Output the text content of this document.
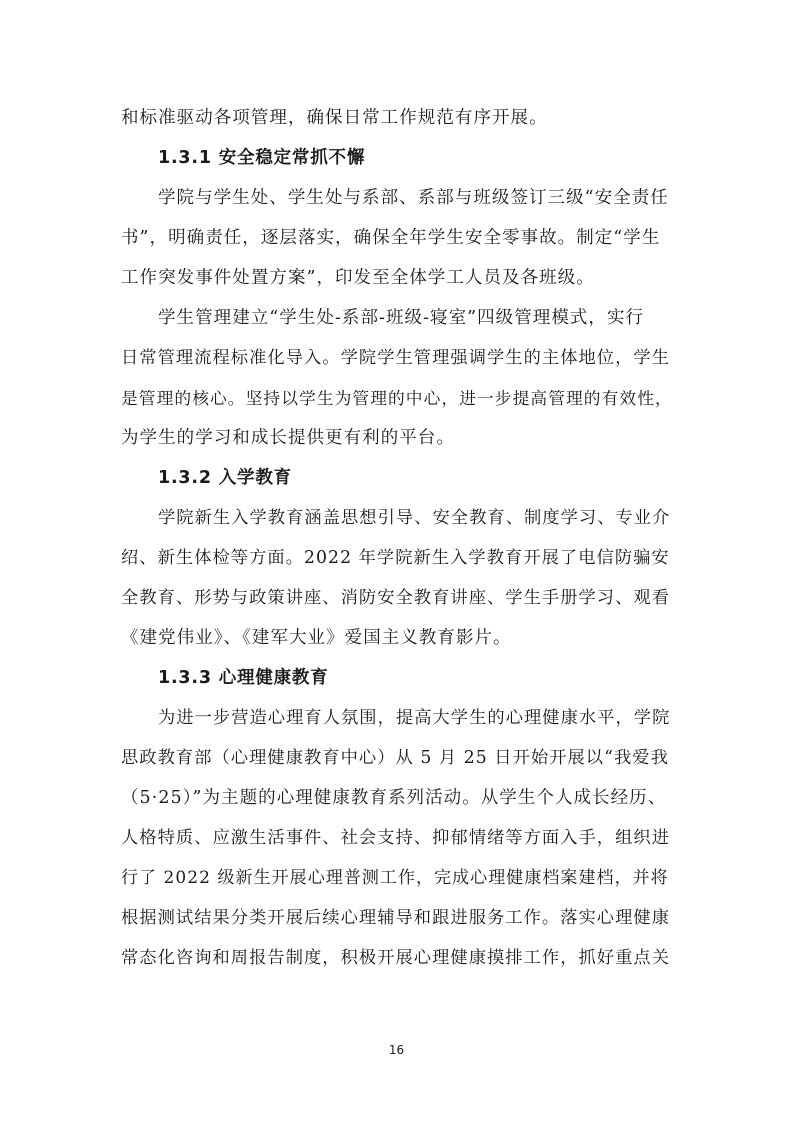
和标准驱动各项管理，确保日常工作规范有序开展。
1.3.1 安全稳定常抓不懈
学院与学生处、学生处与系部、系部与班级签订三级“安全责任
书”，明确责任，逐层落实，确保全年学生安全零事故。制定“学生
工作突发事件处置方案”，印发至全体学工人员及各班级。
学生管理建立“学生处-系部-班级-寝室”四级管理模式，实行
日常管理流程标准化导入。学院学生管理强调学生的主体地位，学生
是管理的核心。坚持以学生为管理的中心，进一步提高管理的有效性，
为学生的学习和成长提供更有利的平台。
1.3.2 入学教育
学院新生入学教育涵盖思想引导、安全教育、制度学习、专业介
绍、新生体检等方面。2022 年学院新生入学教育开展了电信防骗安
全教育、形势与政策讲座、消防安全教育讲座、学生手册学习、观看
《建党伟业》、《建军大业》爱国主义教育影片。
1.3.3 心理健康教育
为进一步营造心理育人氛围，提高大学生的心理健康水平，学院
思政教育部（心理健康教育中心）从 5 月 25 日开始开展以“我爱我
（5·25）”为主题的心理健康教育系列活动。从学生个人成长经历、
人格特质、应激生活事件、社会支持、抑郁情绪等方面入手，组织进
行了 2022 级新生开展心理普测工作，完成心理健康档案建档，并将
根据测试结果分类开展后续心理辅导和跟进服务工作。落实心理健康
常态化咨询和周报告制度，积极开展心理健康摸排工作，抓好重点关
16
